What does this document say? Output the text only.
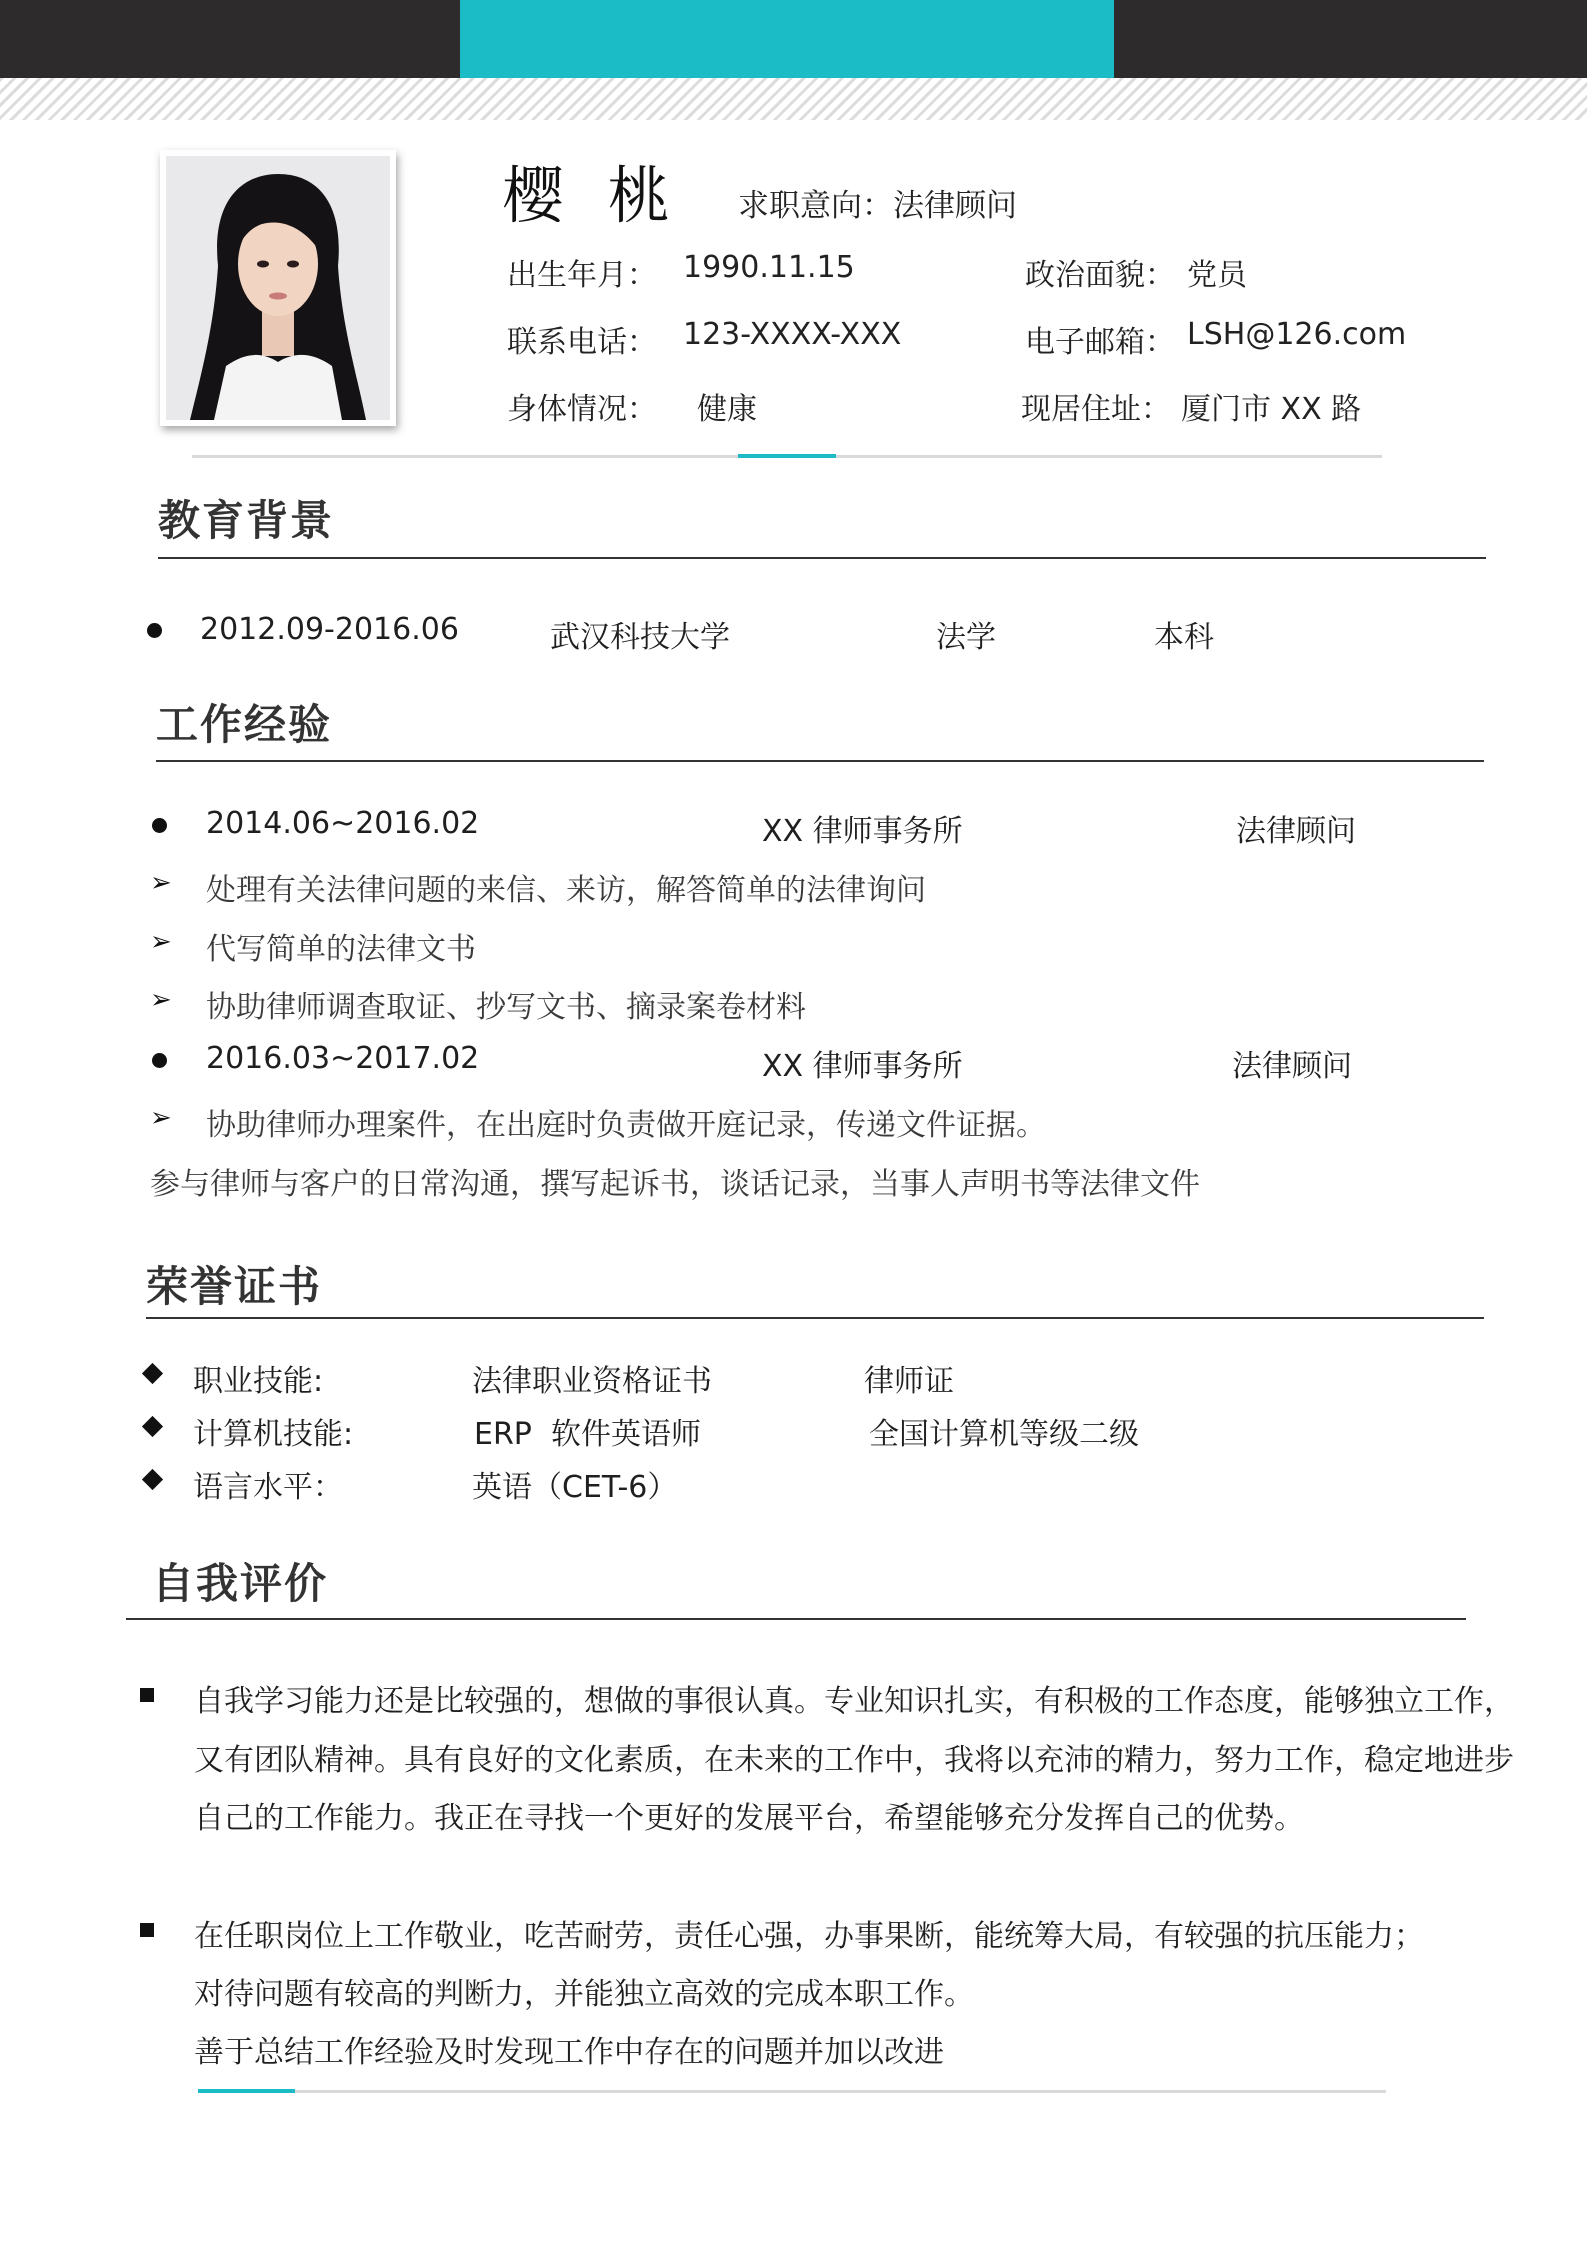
樱 桃 求职意向：法律顾问
出生年月： 1990.11.15	政治面貌： 党员
联系电话： 123-XXXX-XXX	电子邮箱： LSH@126.com
身体情况： 健康	现居住址： 厦门市 XX 路
教育背景
2012.09-2016.06	武汉科技大学	法学	本科
工作经验
2014.06~2016.02	XX 律师事务所	法律顾问
➢ 处理有关法律问题的来信、来访，解答简单的法律询问
➢ 代写简单的法律文书
➢ 协助律师调查取证、抄写文书、摘录案卷材料
2016.03~2017.02	XX 律师事务所	法律顾问
➢ 协助律师办理案件，在出庭时负责做开庭记录，传递文件证据。
参与律师与客户的日常沟通，撰写起诉书，谈话记录，当事人声明书等法律文件
荣誉证书
职业技能:	法律职业资格证书	律师证
计算机技能:	ERP  软件英语师	全国计算机等级二级
语言水平：	英语（CET-6）
自我评价
自我学习能力还是比较强的，想做的事很认真。专业知识扎实，有积极的工作态度，能够独立工作，
又有团队精神。具有良好的文化素质，在未来的工作中，我将以充沛的精力，努力工作，稳定地进步
自己的工作能力。我正在寻找一个更好的发展平台，希望能够充分发挥自己的优势。
在任职岗位上工作敬业，吃苦耐劳，责任心强，办事果断，能统筹大局，有较强的抗压能力；
对待问题有较高的判断力，并能独立高效的完成本职工作。
善于总结工作经验及时发现工作中存在的问题并加以改进
